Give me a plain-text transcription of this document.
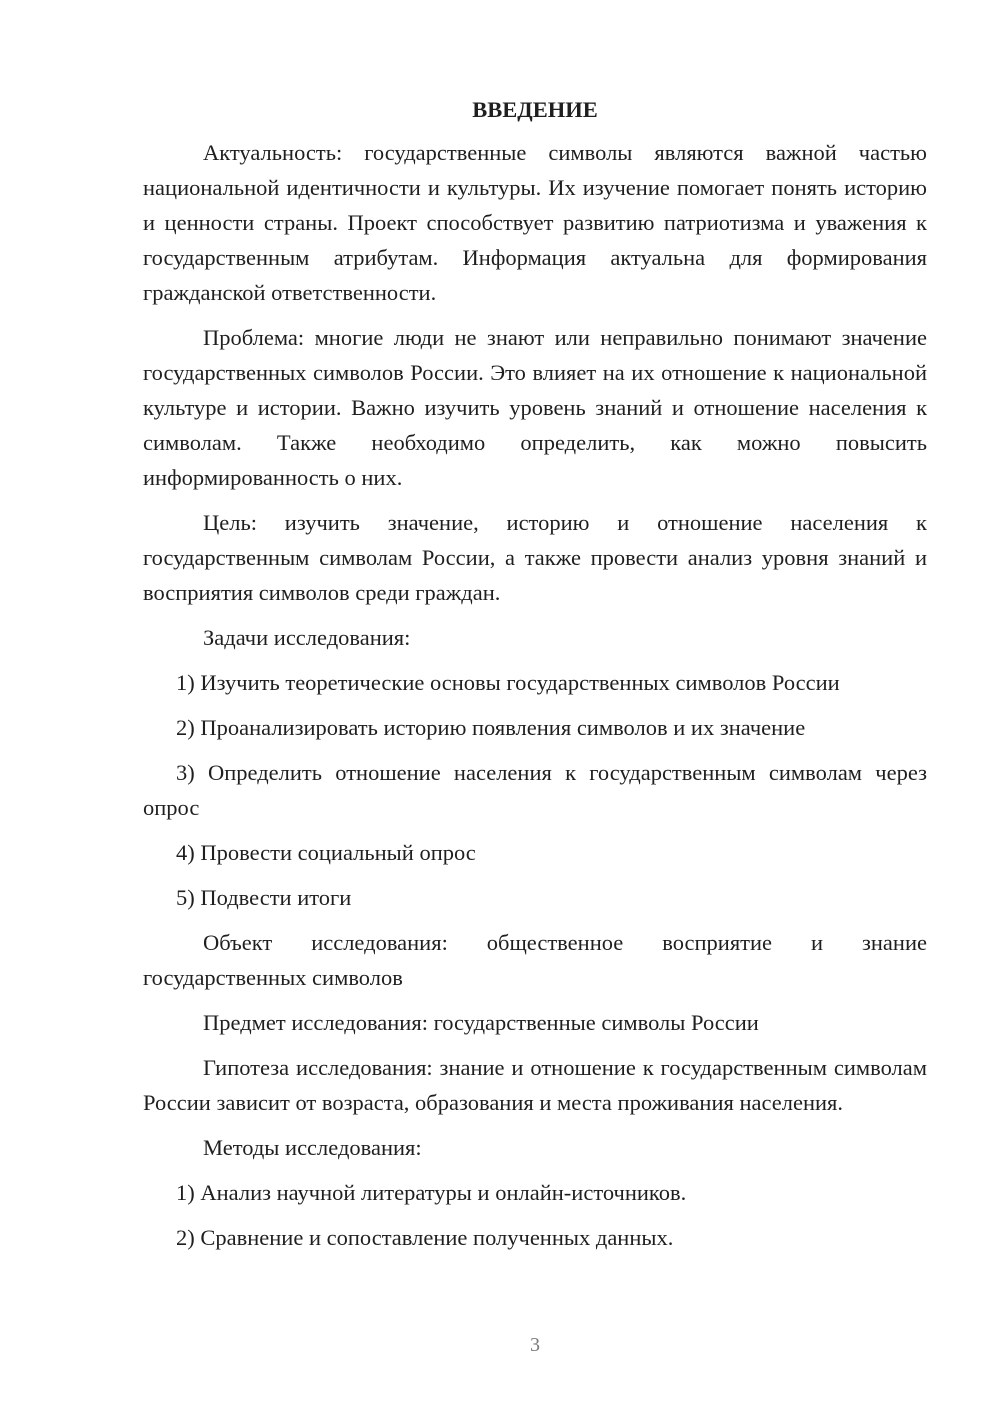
ВВЕДЕНИЕ

Актуальность: государственные символы являются важной частью национальной идентичности и культуры. Их изучение помогает понять историю и ценности страны. Проект способствует развитию патриотизма и уважения к государственным атрибутам. Информация актуальна для формирования гражданской ответственности.

Проблема: многие люди не знают или неправильно понимают значение государственных символов России. Это влияет на их отношение к национальной культуре и истории. Важно изучить уровень знаний и отношение населения к символам. Также необходимо определить, как можно повысить информированность о них.

Цель: изучить значение, историю и отношение населения к государственным символам России, а также провести анализ уровня знаний и восприятия символов среди граждан.

Задачи исследования:

1) Изучить теоретические основы государственных символов России

2) Проанализировать историю появления символов и их значение

3) Определить отношение населения к государственным символам через опрос

4) Провести социальный опрос

5) Подвести итоги

Объект исследования: общественное восприятие и знание государственных символов

Предмет исследования: государственные символы России

Гипотеза исследования: знание и отношение к государственным символам России зависит от возраста, образования и места проживания населения.

Методы исследования:

1) Анализ научной литературы и онлайн-источников.

2) Сравнение и сопоставление полученных данных.

3
